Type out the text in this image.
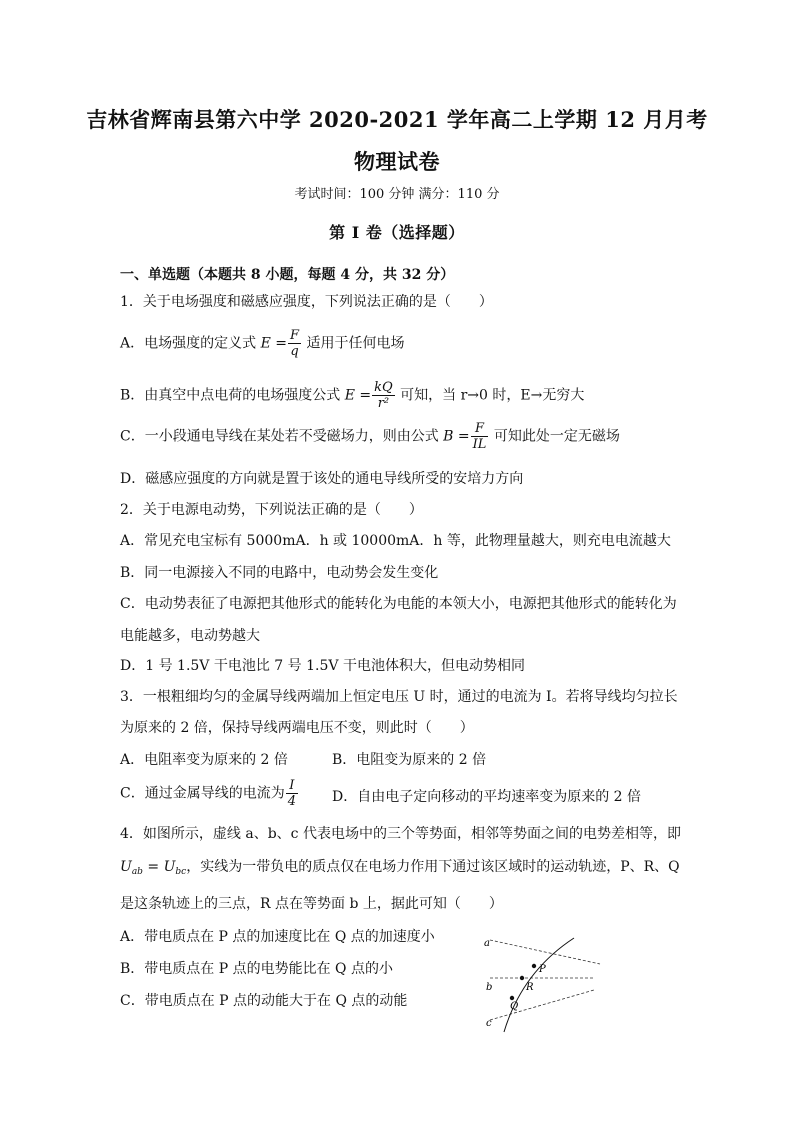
吉林省辉南县第六中学 2020-2021 学年高二上学期 12 月月考
物理试卷
考试时间：100 分钟 满分：110 分
第 I 卷（选择题）
一、单选题（本题共 8 小题，每题 4 分，共 32 分）
1．关于电场强度和磁感应强度，下列说法正确的是（　　）
A．电场强度的定义式 $E = \frac{F}{q}$ 适用于任何电场
B．由真空中点电荷的电场强度公式 $E = \frac{kQ}{\text{r²}}$ 可知，当 r→0 时，E→无穷大
C．一小段通电导线在某处若不受磁场力，则由公式 $B = \frac{F}{IL}$ 可知此处一定无磁场
D．磁感应强度的方向就是置于该处的通电导线所受的安培力方向
2．关于电源电动势，下列说法正确的是（　　）
A．常见充电宝标有 5000mA．h 或 10000mA．h 等，此物理量越大，则充电电流越大
B．同一电源接入不同的电路中，电动势会发生变化
C．电动势表征了电源把其他形式的能转化为电能的本领大小，电源把其他形式的能转化为
电能越多，电动势越大
D．1 号 1.5V 干电池比 7 号 1.5V 干电池体积大，但电动势相同
3．一根粗细均匀的金属导线两端加上恒定电压 U 时，通过的电流为 I。若将导线均匀拉长
为原来的 2 倍，保持导线两端电压不变，则此时（　　）
A．电阻率变为原来的 2 倍	B．电阻变为原来的 2 倍
C．通过金属导线的电流为 $\frac{I}{4}$ D．自由电子定向移动的平均速率变为原来的 2 倍
4．如图所示，虚线 a、b、c 代表电场中的三个等势面，相邻等势面之间的电势差相等，即
$U_{ab} = U_{bc}$，实线为一带负电的质点仅在电场力作用下通过该区域时的运动轨迹，P、R、Q
是这条轨迹上的三点，R 点在等势面 b 上，据此可知（　　）
A．带电质点在 P 点的加速度比在 Q 点的加速度小
B．带电质点在 P 点的电势能比在 Q 点的小
C．带电质点在 P 点的动能大于在 Q 点的动能
a
b
c
P
R
Q
